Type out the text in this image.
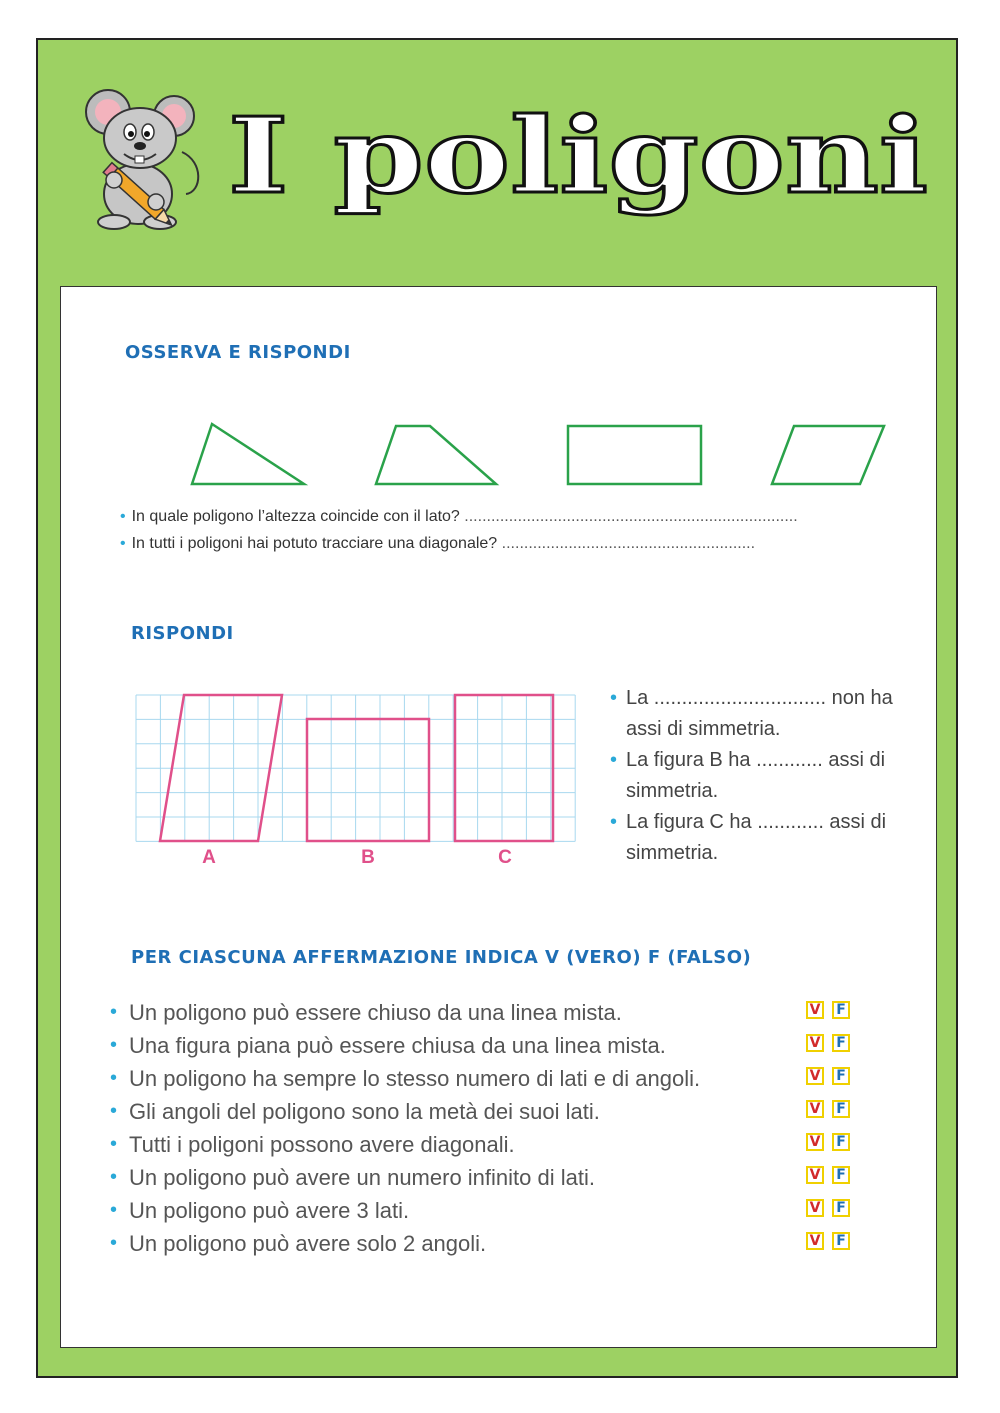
I poligoni
OSSERVA E RISPONDI
• In quale poligono l’altezza coincide con il lato? ...........................................................................
• In tutti i poligoni hai potuto tracciare una diagonale? .........................................................
RISPONDI
A	B	C
• La ............................... non ha assi di simmetria.
• La figura B ha ............ assi di simmetria.
• La figura C ha ............ assi di simmetria.
PER CIASCUNA AFFERMAZIONE INDICA V (VERO) F (FALSO)
• Un poligono può essere chiuso da una linea mista.	V	F
• Una figura piana può essere chiusa da una linea mista.	V	F
• Un poligono ha sempre lo stesso numero di lati e di angoli.	V	F
• Gli angoli del poligono sono la metà dei suoi lati.	V	F
• Tutti i poligoni possono avere diagonali.	V	F
• Un poligono può avere un numero infinito di lati.	V	F
• Un poligono può avere 3 lati.	V	F
• Un poligono può avere solo 2 angoli.	V	F
